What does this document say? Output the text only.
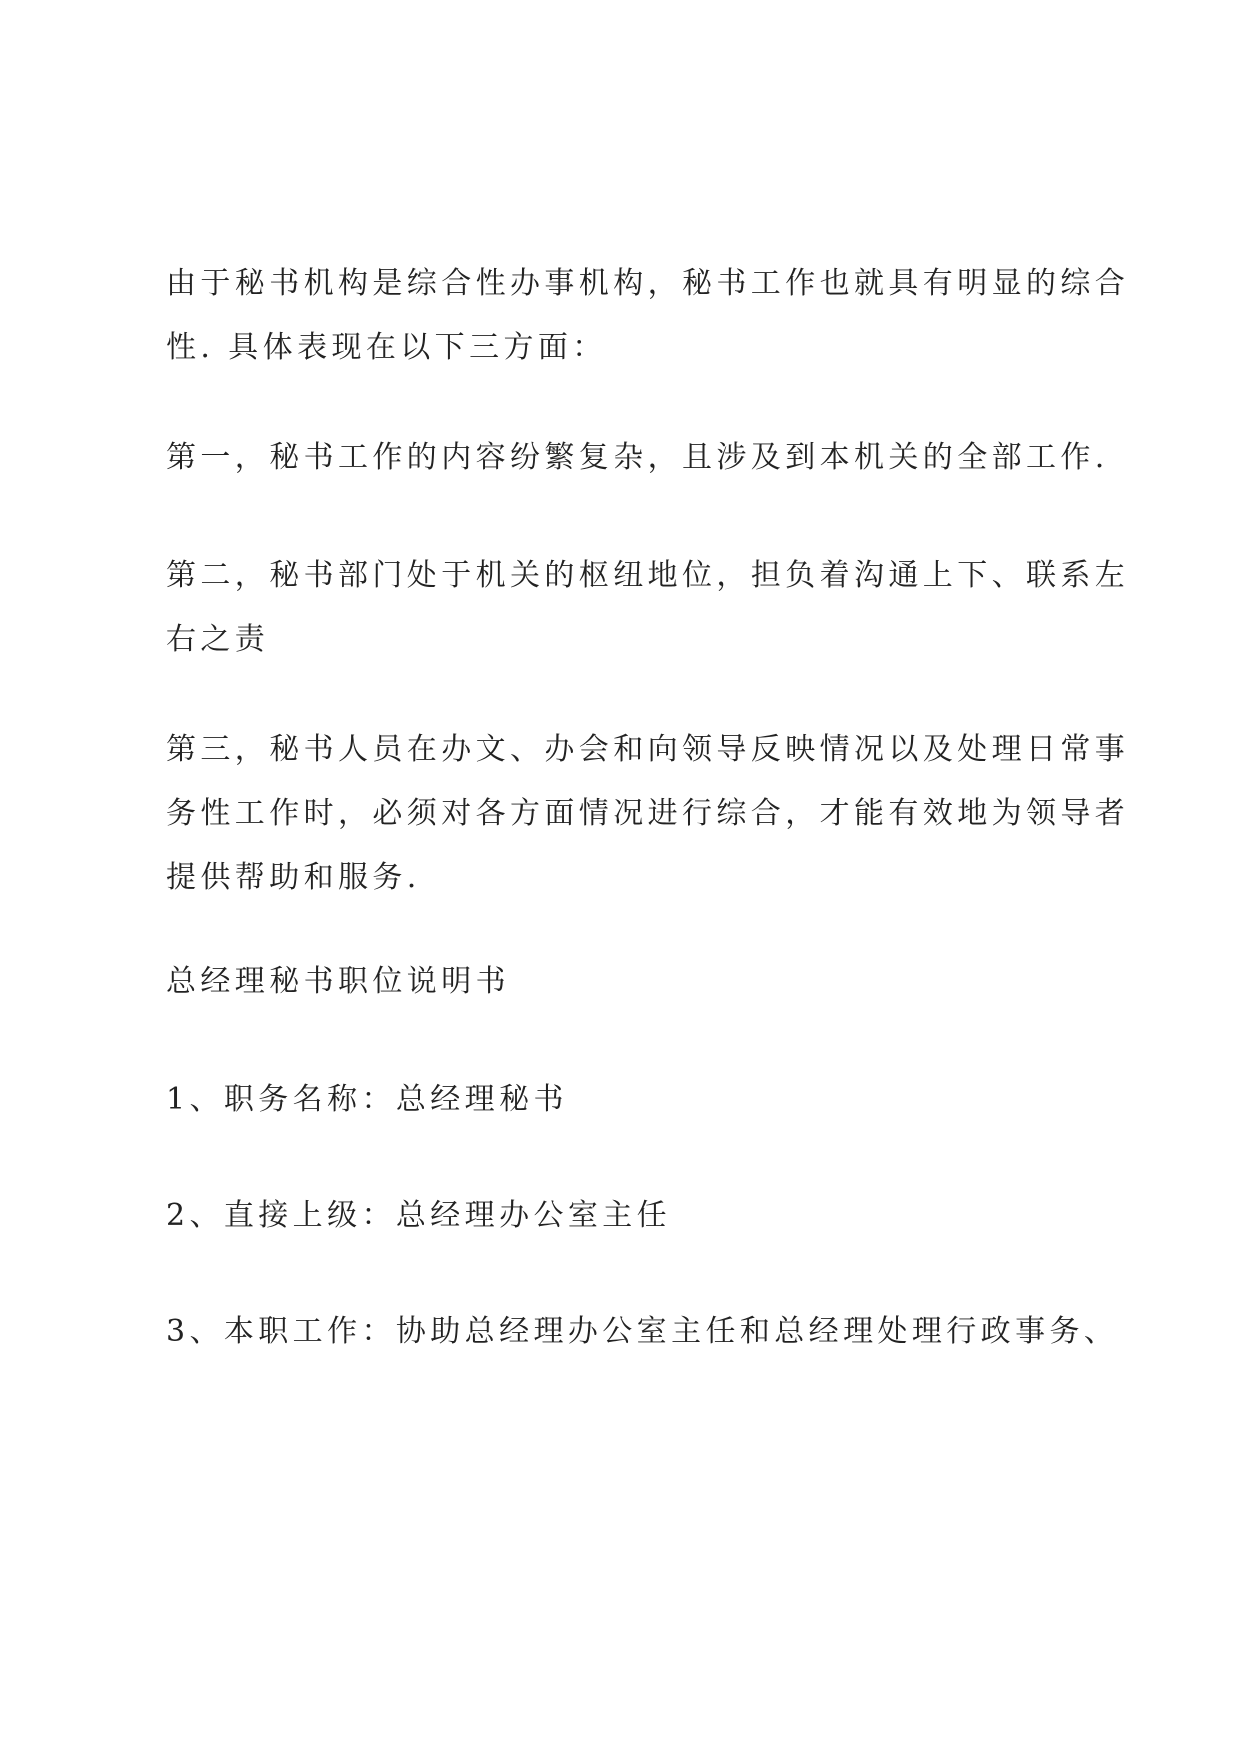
由于秘书机构是综合性办事机构，秘书工作也就具有明显的综合
性. 具体表现在以下三方面：

第一，秘书工作的内容纷繁复杂，且涉及到本机关的全部工作.

第二，秘书部门处于机关的枢纽地位，担负着沟通上下、联系左
右之责

第三，秘书人员在办文、办会和向领导反映情况以及处理日常事
务性工作时，必须对各方面情况进行综合，才能有效地为领导者
提供帮助和服务.

总经理秘书职位说明书

1、职务名称：总经理秘书

2、直接上级：总经理办公室主任

3、本职工作：协助总经理办公室主任和总经理处理行政事务、
